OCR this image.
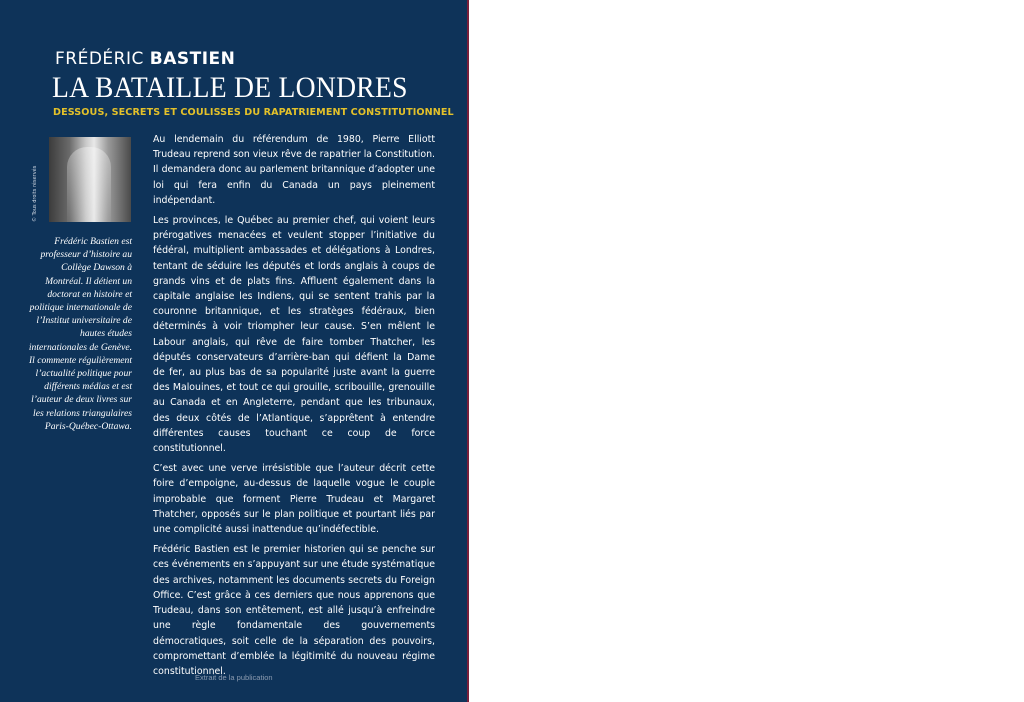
FRÉDÉRIC BASTIEN
LA BATAILLE DE LONDRES
DESSOUS, SECRETS ET COULISSES DU RAPATRIEMENT CONSTITUTIONNEL
© Tous droits réservés
Frédéric Bastien est professeur d’histoire au Collège Dawson à Montréal. Il détient un doctorat en histoire et politique internationale de l’Institut universitaire de hautes études internationales de Genève. Il commente régulièrement l’actualité politique pour différents médias et est l’auteur de deux livres sur les relations triangulaires Paris-Québec-Ottawa.

Au lendemain du référendum de 1980, Pierre Elliott Trudeau reprend son vieux rêve de rapatrier la Constitution. Il demandera donc au parlement britannique d’adopter une loi qui fera enfin du Canada un pays pleinement indépendant.

Les provinces, le Québec au premier chef, qui voient leurs prérogatives menacées et veulent stopper l’initiative du fédéral, multiplient ambassades et délégations à Londres, tentant de séduire les députés et lords anglais à coups de grands vins et de plats fins. Affluent également dans la capitale anglaise les Indiens, qui se sentent trahis par la couronne britannique, et les stratèges fédéraux, bien déterminés à voir triompher leur cause. S’en mêlent le Labour anglais, qui rêve de faire tomber Thatcher, les députés conservateurs d’arrière-ban qui défient la Dame de fer, au plus bas de sa popularité juste avant la guerre des Malouines, et tout ce qui grouille, scribouille, grenouille au Canada et en Angleterre, pendant que les tribunaux, des deux côtés de l’Atlantique, s’apprêtent à entendre différentes causes touchant ce coup de force constitutionnel.

C’est avec une verve irrésistible que l’auteur décrit cette foire d’empoigne, au-dessus de laquelle vogue le couple improbable que forment Pierre Trudeau et Margaret Thatcher, opposés sur le plan politique et pourtant liés par une complicité aussi inattendue qu’indéfectible.

Frédéric Bastien est le premier historien qui se penche sur ces événements en s’appuyant sur une étude systématique des archives, notamment les documents secrets du Foreign Office. C’est grâce à ces derniers que nous apprenons que Trudeau, dans son entêtement, est allé jusqu’à enfreindre une règle fondamentale des gouvernements démocratiques, soit celle de la séparation des pouvoirs, compromettant d’emblée la légitimité du nouveau régime constitutionnel.

Extrait de la publication
